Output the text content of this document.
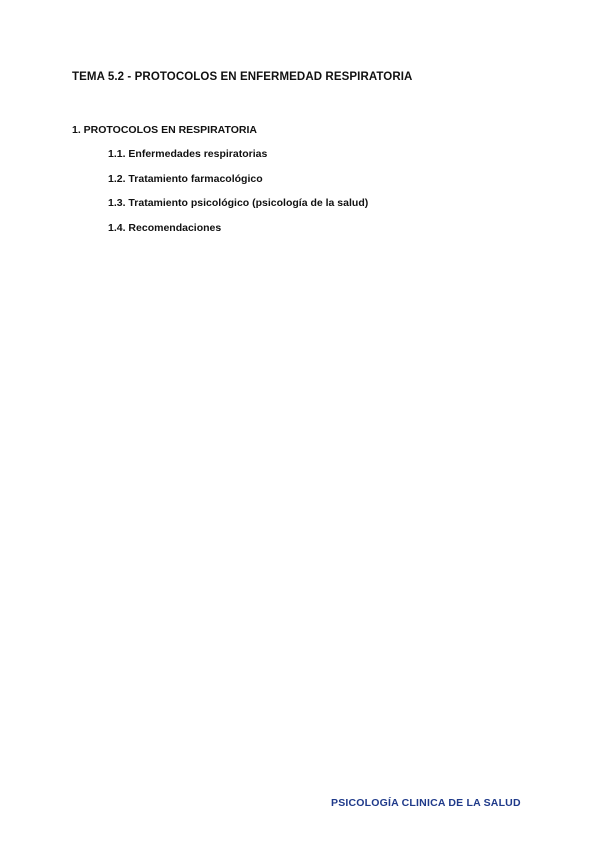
TEMA 5.2 - PROTOCOLOS EN ENFERMEDAD RESPIRATORIA
1. PROTOCOLOS EN RESPIRATORIA
1.1. Enfermedades respiratorias
1.2. Tratamiento farmacológico
1.3. Tratamiento psicológico (psicología de la salud)
1.4. Recomendaciones
PSICOLOGÍA CLINICA DE LA SALUD
